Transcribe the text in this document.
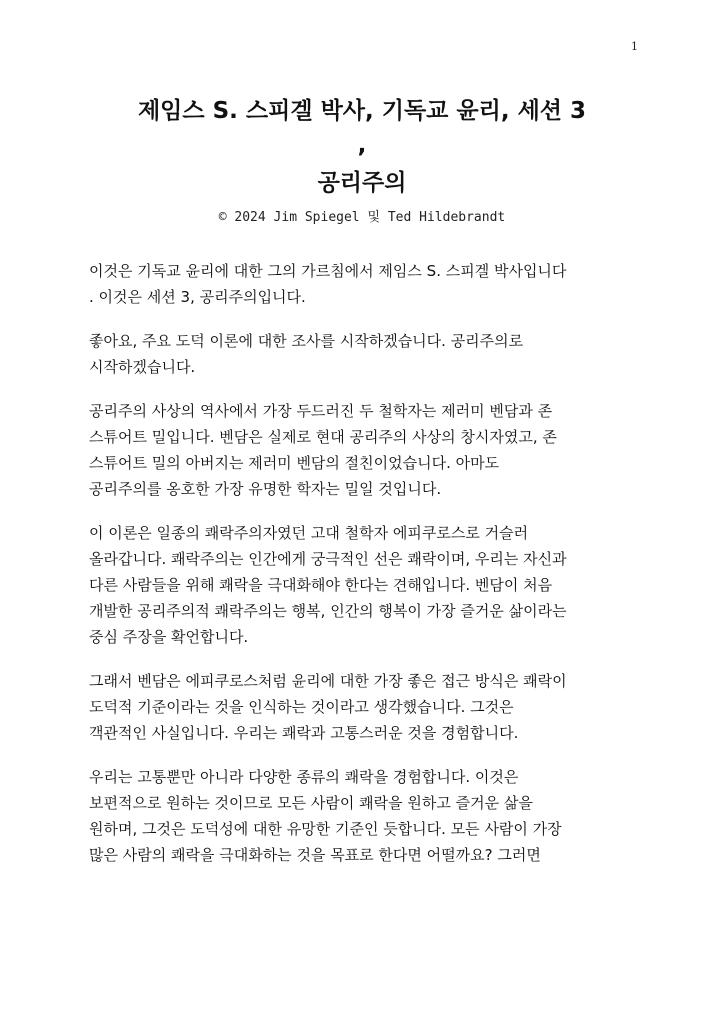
1
제임스 S. 스피겔 박사, 기독교 윤리, 세션 3
,
공리주의
© 2024 Jim Spiegel 및 Ted Hildebrandt
이것은 기독교 윤리에 대한 그의 가르침에서 제임스 S. 스피겔 박사입니다
. 이것은 세션 3, 공리주의입니다.
좋아요, 주요 도덕 이론에 대한 조사를 시작하겠습니다. 공리주의로
시작하겠습니다.
공리주의 사상의 역사에서 가장 두드러진 두 철학자는 제러미 벤담과 존
스튜어트 밀입니다. 벤담은 실제로 현대 공리주의 사상의 창시자였고, 존
스튜어트 밀의 아버지는 제러미 벤담의 절친이었습니다. 아마도
공리주의를 옹호한 가장 유명한 학자는 밀일 것입니다.
이 이론은 일종의 쾌락주의자였던 고대 철학자 에피쿠로스로 거슬러
올라갑니다. 쾌락주의는 인간에게 궁극적인 선은 쾌락이며, 우리는 자신과
다른 사람들을 위해 쾌락을 극대화해야 한다는 견해입니다. 벤담이 처음
개발한 공리주의적 쾌락주의는 행복, 인간의 행복이 가장 즐거운 삶이라는
중심 주장을 확언합니다.
그래서 벤담은 에피쿠로스처럼 윤리에 대한 가장 좋은 접근 방식은 쾌락이
도덕적 기준이라는 것을 인식하는 것이라고 생각했습니다. 그것은
객관적인 사실입니다. 우리는 쾌락과 고통스러운 것을 경험합니다.
우리는 고통뿐만 아니라 다양한 종류의 쾌락을 경험합니다. 이것은
보편적으로 원하는 것이므로 모든 사람이 쾌락을 원하고 즐거운 삶을
원하며, 그것은 도덕성에 대한 유망한 기준인 듯합니다. 모든 사람이 가장
많은 사람의 쾌락을 극대화하는 것을 목표로 한다면 어떨까요? 그러면
